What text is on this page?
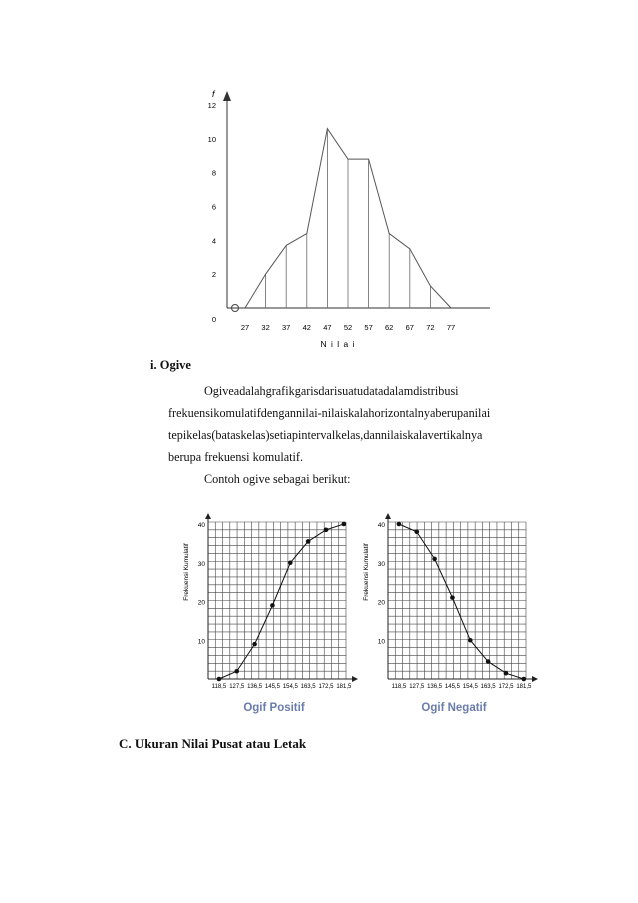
0
2
4
6
8
10
12
27 32 37 42 47 52 57 62 67 72 77
f
N i l a i
i. Ogive
Ogiveadalahgrafikgarisdarisuatudatadalamdistribusi
frekuensikomulatifdengannilai-nilaiskalahorizontalnyaberupanilai
tepikelas(bataskelas)setiapintervalkelas,dannilaiskalavertikalnya
berupa frekuensi komulatif.
Contoh ogive sebagai berikut:
10
20
30
40
Frekuensi Kumulatif
118,5 127,5 136,5 145,5 154,5 163,5 172,5 181,5
Ogif Positif
10
20
30
40
Frekuensi Kumulatif
118,5 127,5 136,5 145,5 154,5 163,5 172,5 181,5
Ogif Negatif
C. Ukuran Nilai Pusat atau Letak
